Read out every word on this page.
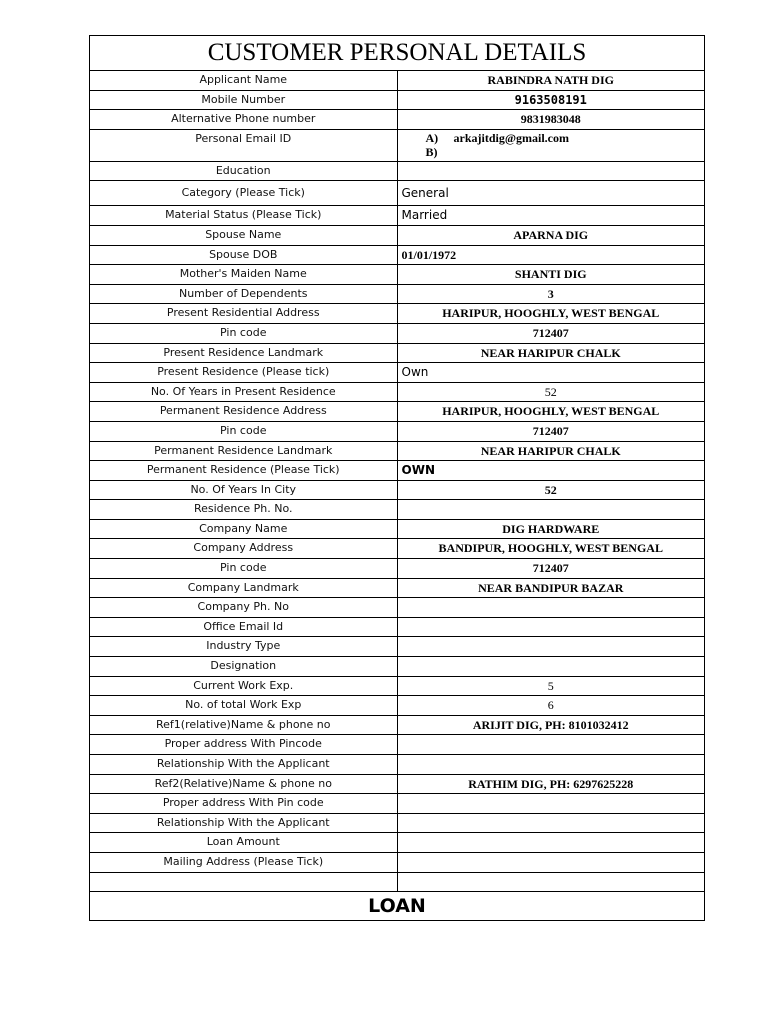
CUSTOMER PERSONAL DETAILS	
Applicant Name	RABINDRA NATH DIG
Mobile Number	9163508191
Alternative Phone number	9831983048
Personal Email ID	A) arkajitdig@gmail.com
B)

Education	
Category (Please Tick)	General
Material Status (Please Tick)	Married
Spouse Name	APARNA DIG
Spouse DOB	01/01/1972
Mother's Maiden Name	SHANTI DIG
Number of Dependents	3
Present Residential Address	HARIPUR, HOOGHLY, WEST BENGAL
Pin code	712407
Present Residence Landmark	NEAR HARIPUR CHALK
Present Residence (Please tick)	Own
No. Of Years in Present Residence	52
Permanent Residence Address	HARIPUR, HOOGHLY, WEST BENGAL
Pin code	712407
Permanent Residence Landmark	NEAR HARIPUR CHALK
Permanent Residence (Please Tick)	OWN
No. Of Years In City	52
Residence Ph. No.	
Company Name	DIG HARDWARE
Company Address	BANDIPUR, HOOGHLY, WEST BENGAL
Pin code	712407
Company Landmark	NEAR BANDIPUR BAZAR
Company Ph. No	
Office Email Id	
Industry Type	
Designation	
Current Work Exp.	5
No. of total Work Exp	6
Ref1(relative)Name & phone no	ARIJIT DIG, PH: 8101032412
Proper address With Pincode	
Relationship With the Applicant	
Ref2(Relative)Name & phone no	RATHIM DIG, PH: 6297625228
Proper address With Pin code	
Relationship With the Applicant	
Loan Amount	
Mailing Address (Please Tick)	

LOAN	
